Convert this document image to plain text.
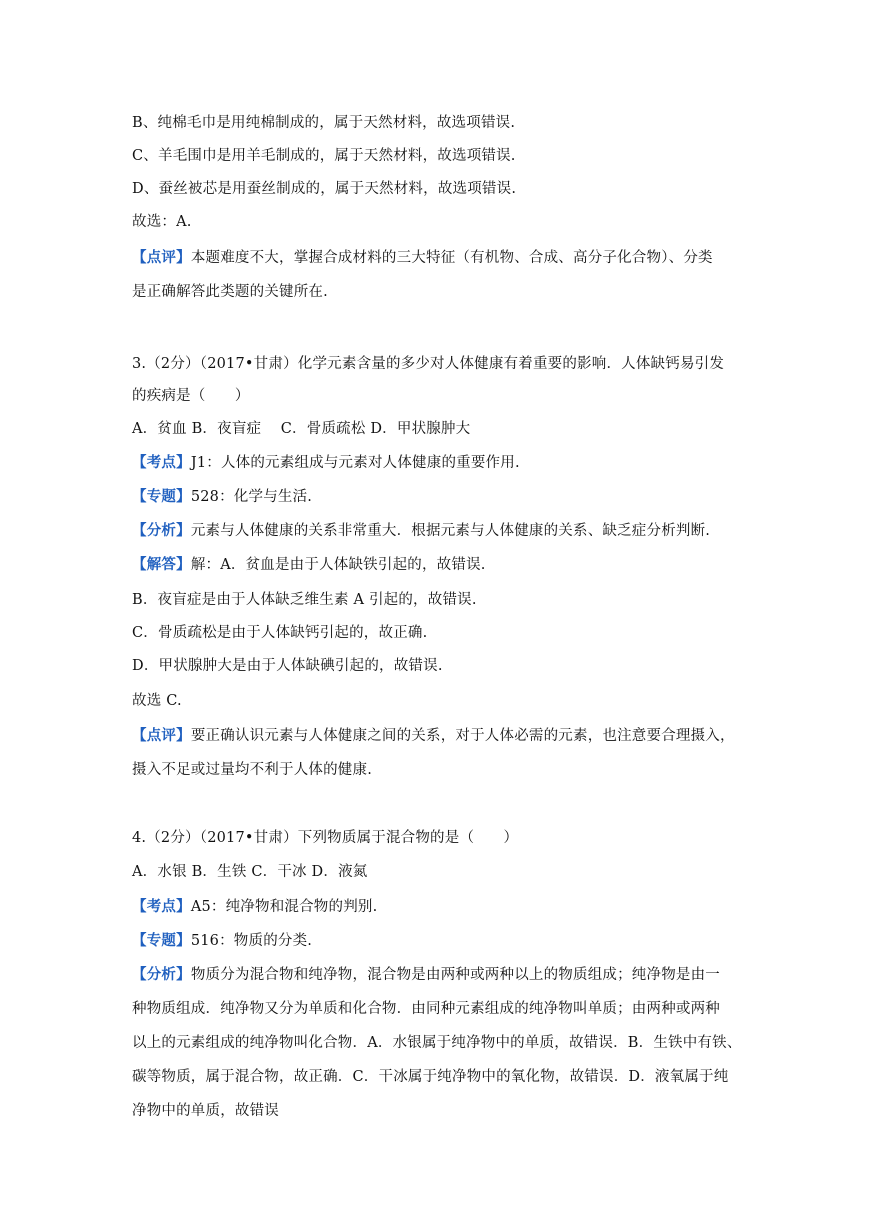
B、纯棉毛巾是用纯棉制成的，属于天然材料，故选项错误.
C、羊毛围巾是用羊毛制成的，属于天然材料，故选项错误.
D、蚕丝被芯是用蚕丝制成的，属于天然材料，故选项错误.
故选：A.
【点评】本题难度不大，掌握合成材料的三大特征（有机物、合成、高分子化合物）、分类
是正确解答此类题的关键所在.
3.（2分）（2017•甘肃）化学元素含量的多少对人体健康有着重要的影响．人体缺钙易引发
的疾病是（　　）
A．贫血 B．夜盲症　 C．骨质疏松 D．甲状腺肿大
【考点】J1：人体的元素组成与元素对人体健康的重要作用.
【专题】528：化学与生活.
【分析】元素与人体健康的关系非常重大．根据元素与人体健康的关系、缺乏症分析判断.
【解答】解：A．贫血是由于人体缺铁引起的，故错误.
B．夜盲症是由于人体缺乏维生素 A 引起的，故错误.
C．骨质疏松是由于人体缺钙引起的，故正确.
D．甲状腺肿大是由于人体缺碘引起的，故错误.
故选 C.
【点评】要正确认识元素与人体健康之间的关系，对于人体必需的元素，也注意要合理摄入，
摄入不足或过量均不利于人体的健康.
4.（2分）（2017•甘肃）下列物质属于混合物的是（　　）
A．水银 B．生铁 C．干冰 D．液氮
【考点】A5：纯净物和混合物的判别.
【专题】516：物质的分类.
【分析】物质分为混合物和纯净物，混合物是由两种或两种以上的物质组成；纯净物是由一
种物质组成．纯净物又分为单质和化合物．由同种元素组成的纯净物叫单质；由两种或两种
以上的元素组成的纯净物叫化合物．A．水银属于纯净物中的单质，故错误．B．生铁中有铁、
碳等物质，属于混合物，故正确．C．干冰属于纯净物中的氧化物，故错误．D．液氧属于纯
净物中的单质，故错误
